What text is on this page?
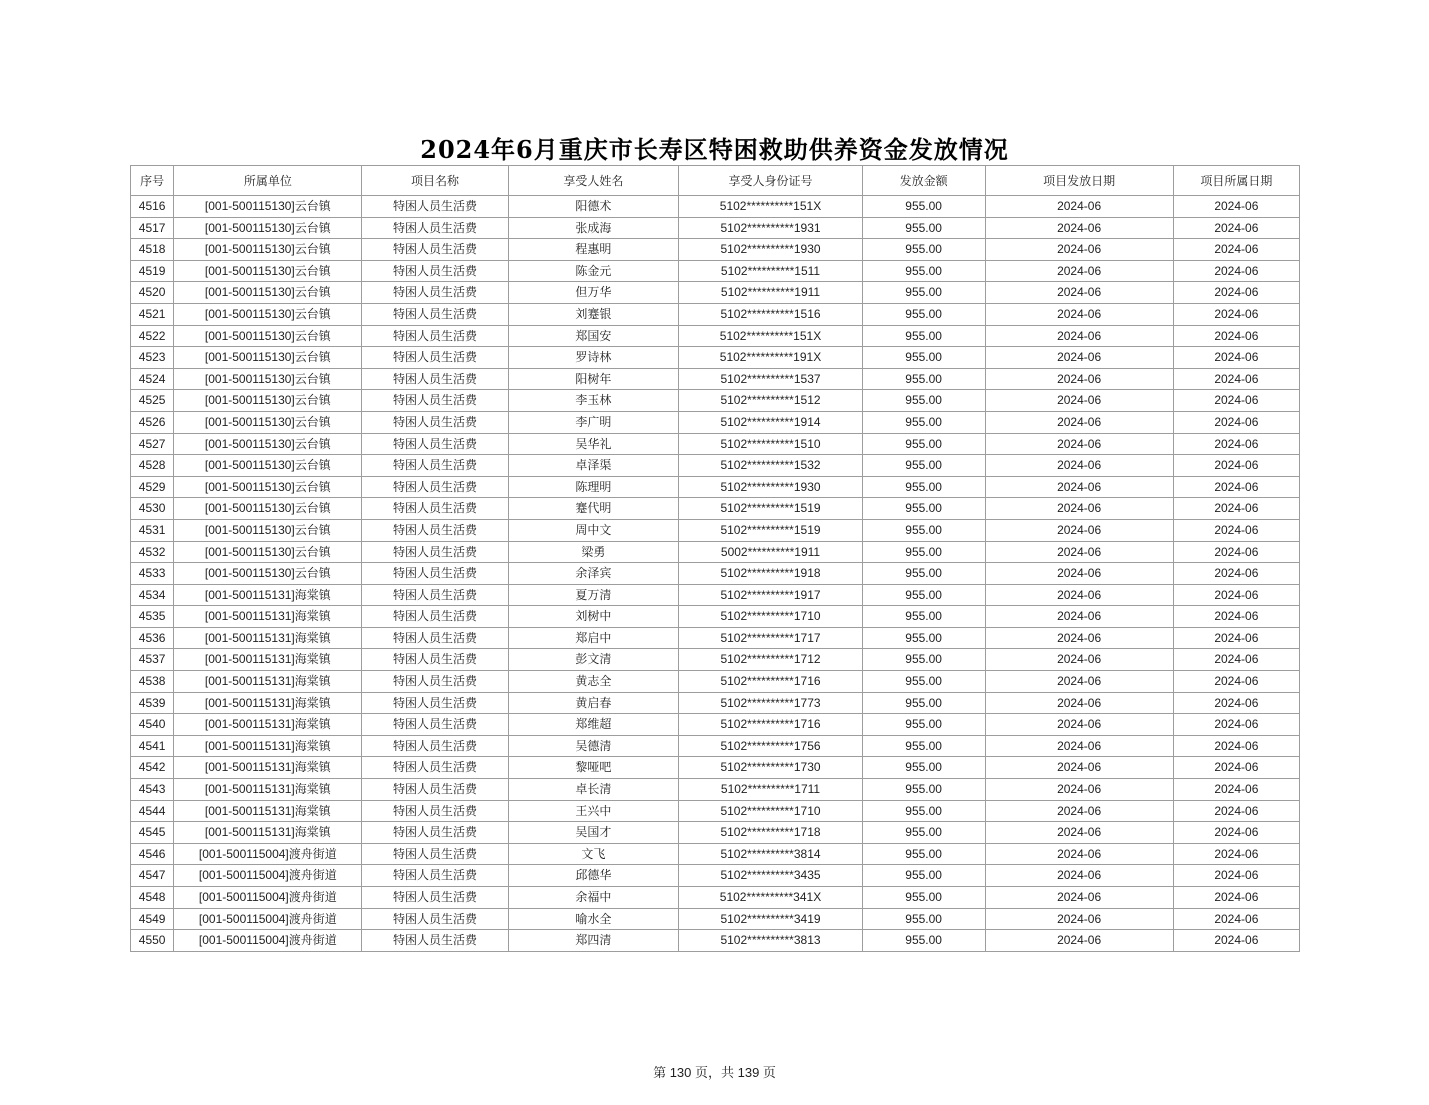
2024年6月重庆市长寿区特困救助供养资金发放情况
序号	所属单位	项目名称	享受人姓名	享受人身份证号	发放金额	项目发放日期	项目所属日期
4516	[001-500115130]云台镇	特困人员生活费	阳德术	5102**********151X	955.00	2024-06	2024-06
4517	[001-500115130]云台镇	特困人员生活费	张成海	5102**********1931	955.00	2024-06	2024-06
4518	[001-500115130]云台镇	特困人员生活费	程惠明	5102**********1930	955.00	2024-06	2024-06
4519	[001-500115130]云台镇	特困人员生活费	陈金元	5102**********1511	955.00	2024-06	2024-06
4520	[001-500115130]云台镇	特困人员生活费	但万华	5102**********1911	955.00	2024-06	2024-06
4521	[001-500115130]云台镇	特困人员生活费	刘蹇银	5102**********1516	955.00	2024-06	2024-06
4522	[001-500115130]云台镇	特困人员生活费	郑国安	5102**********151X	955.00	2024-06	2024-06
4523	[001-500115130]云台镇	特困人员生活费	罗诗林	5102**********191X	955.00	2024-06	2024-06
4524	[001-500115130]云台镇	特困人员生活费	阳树年	5102**********1537	955.00	2024-06	2024-06
4525	[001-500115130]云台镇	特困人员生活费	李玉林	5102**********1512	955.00	2024-06	2024-06
4526	[001-500115130]云台镇	特困人员生活费	李广明	5102**********1914	955.00	2024-06	2024-06
4527	[001-500115130]云台镇	特困人员生活费	吴华礼	5102**********1510	955.00	2024-06	2024-06
4528	[001-500115130]云台镇	特困人员生活费	卓泽渠	5102**********1532	955.00	2024-06	2024-06
4529	[001-500115130]云台镇	特困人员生活费	陈理明	5102**********1930	955.00	2024-06	2024-06
4530	[001-500115130]云台镇	特困人员生活费	蹇代明	5102**********1519	955.00	2024-06	2024-06
4531	[001-500115130]云台镇	特困人员生活费	周中文	5102**********1519	955.00	2024-06	2024-06
4532	[001-500115130]云台镇	特困人员生活费	梁勇	5002**********1911	955.00	2024-06	2024-06
4533	[001-500115130]云台镇	特困人员生活费	余泽宾	5102**********1918	955.00	2024-06	2024-06
4534	[001-500115131]海棠镇	特困人员生活费	夏万清	5102**********1917	955.00	2024-06	2024-06
4535	[001-500115131]海棠镇	特困人员生活费	刘树中	5102**********1710	955.00	2024-06	2024-06
4536	[001-500115131]海棠镇	特困人员生活费	郑启中	5102**********1717	955.00	2024-06	2024-06
4537	[001-500115131]海棠镇	特困人员生活费	彭文清	5102**********1712	955.00	2024-06	2024-06
4538	[001-500115131]海棠镇	特困人员生活费	黄志全	5102**********1716	955.00	2024-06	2024-06
4539	[001-500115131]海棠镇	特困人员生活费	黄启春	5102**********1773	955.00	2024-06	2024-06
4540	[001-500115131]海棠镇	特困人员生活费	郑维超	5102**********1716	955.00	2024-06	2024-06
4541	[001-500115131]海棠镇	特困人员生活费	吴德清	5102**********1756	955.00	2024-06	2024-06
4542	[001-500115131]海棠镇	特困人员生活费	黎哑吧	5102**********1730	955.00	2024-06	2024-06
4543	[001-500115131]海棠镇	特困人员生活费	卓长清	5102**********1711	955.00	2024-06	2024-06
4544	[001-500115131]海棠镇	特困人员生活费	王兴中	5102**********1710	955.00	2024-06	2024-06
4545	[001-500115131]海棠镇	特困人员生活费	吴国才	5102**********1718	955.00	2024-06	2024-06
4546	[001-500115004]渡舟街道	特困人员生活费	文飞	5102**********3814	955.00	2024-06	2024-06
4547	[001-500115004]渡舟街道	特困人员生活费	邱德华	5102**********3435	955.00	2024-06	2024-06
4548	[001-500115004]渡舟街道	特困人员生活费	余福中	5102**********341X	955.00	2024-06	2024-06
4549	[001-500115004]渡舟街道	特困人员生活费	喻水全	5102**********3419	955.00	2024-06	2024-06
4550	[001-500115004]渡舟街道	特困人员生活费	郑四清	5102**********3813	955.00	2024-06	2024-06
第 130 页，共 139 页
